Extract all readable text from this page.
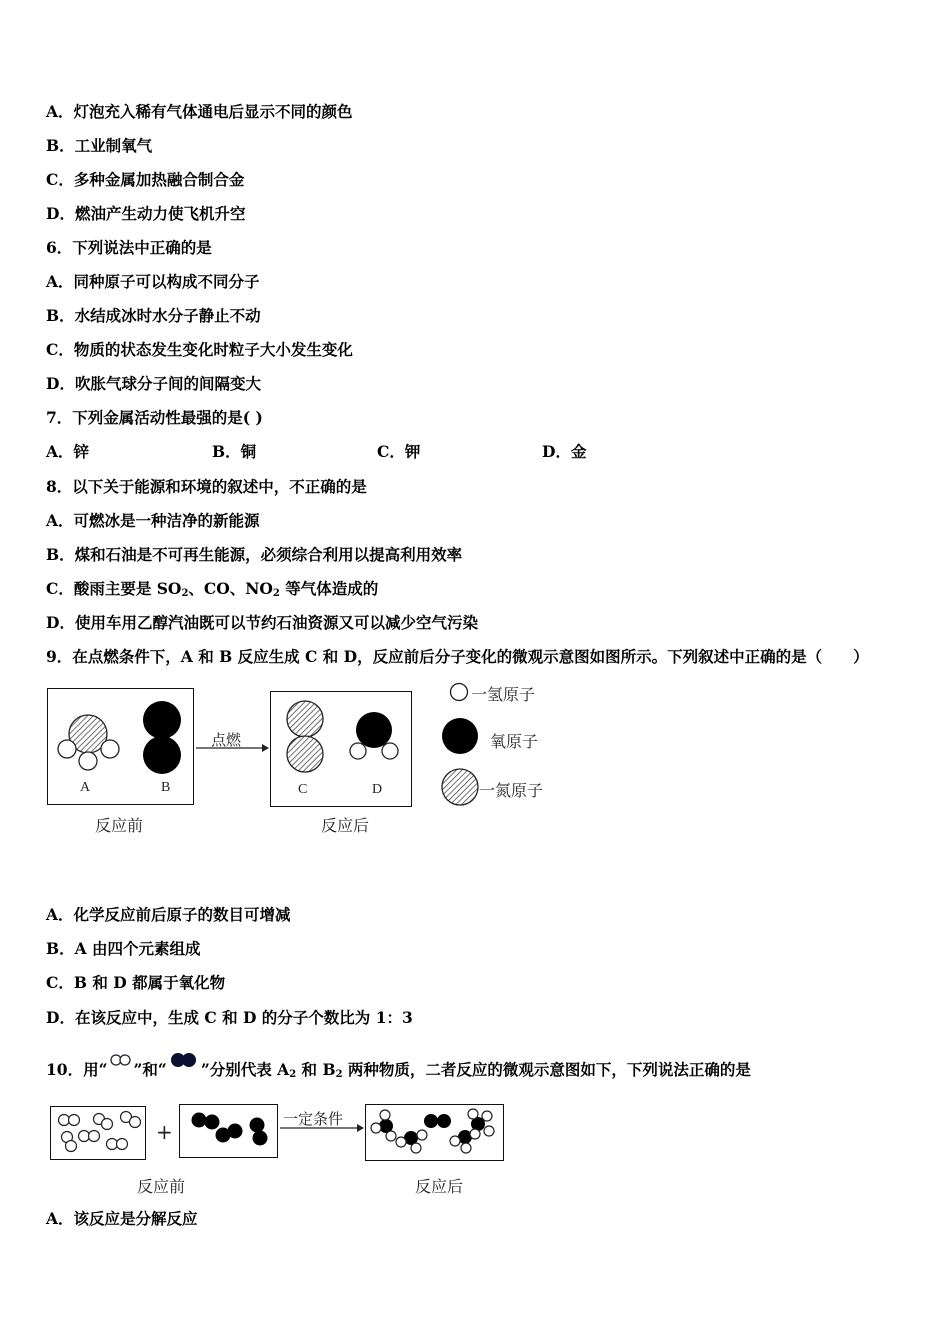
A．灯泡充入稀有气体通电后显示不同的颜色
B．工业制氧气
C．多种金属加热融合制合金
D．燃油产生动力使飞机升空
6．下列说法中正确的是
A．同种原子可以构成不同分子
B．水结成冰时水分子静止不动
C．物质的状态发生变化时粒子大小发生变化
D．吹胀气球分子间的间隔变大
7．下列金属活动性最强的是( )
A．锌	B．铜	C．钾	D．金
8．以下关于能源和环境的叙述中，不正确的是
A．可燃冰是一种洁净的新能源
B．煤和石油是不可再生能源，必须综合利用以提高利用效率
C．酸雨主要是 $SO_2$、CO、$NO_2$ 等气体造成的
D．使用车用乙醇汽油既可以节约石油资源又可以减少空气污染
9．在点燃条件下，A 和 B 反应生成 C 和 D，反应前后分子变化的微观示意图如图所示。下列叙述中正确的是（　　）
A	B
点燃
C	D
反应前	反应后
一氢原子
氧原子
一氮原子
A．化学反应前后原子的数目可增减
B．A 由四个元素组成
C．B 和 D 都属于氧化物
D．在该反应中，生成 C 和 D 的分子个数比为 1：3
10．用“ ”和“ ”分别代表 $A_2$ 和 $B_2$ 两种物质，二者反应的微观示意图如下，下列说法正确的是
+
一定条件
反应前	反应后
A．该反应是分解反应
